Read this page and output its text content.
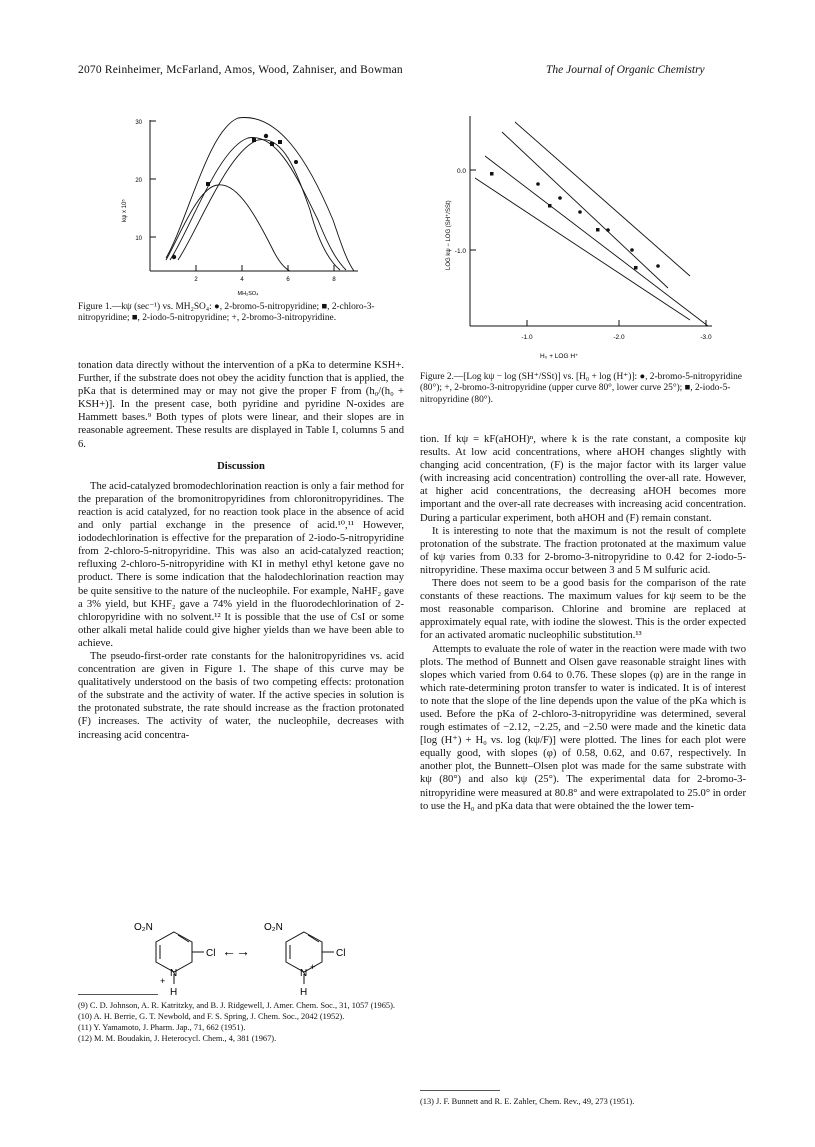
2070 Reinheimer, McFarland, Amos, Wood, Zahniser, and Bowman	The Journal of Organic Chemistry
30
20
10
2	4	6	8
kψ x 10⁵
MH₂SO₄
Figure 1.—kψ (sec⁻¹) vs. MH₂SO₄: ●, 2-bromo-5-nitropyridine; ■, 2-chloro-3-nitropyridine; ■, 2-iodo-5-nitropyridine; +, 2-bromo-3-nitropyridine.
0.0
-1.0
-1.0	-2.0	-3.0
LOG kψ − LOG (SH⁺/SSt)
H₀ + LOG H⁺
Figure 2.—[Log kψ − log (SH⁺/SSt)] vs. [H₀ + log (H⁺)]: ●, 2-bromo-5-nitropyridine (80°); +, 2-bromo-3-nitropyridine (upper curve 80°, lower curve 25°); ■, 2-iodo-5-nitropyridine (80°).

tonation data directly without the intervention of a pKa to determine KSH+. Further, if the substrate does not obey the acidity function that is applied, the pKa that is determined may or may not give the proper F from (h₀/(h₀ + KSH+)]. In the present case, both pyridine and pyridine N-oxides are Hammett bases.⁹ Both types of plots were linear, and their slopes are in reasonable agreement. These results are displayed in Table I, columns 5 and 6.

Discussion

The acid-catalyzed bromodechlorination reaction is only a fair method for the preparation of the bromonitropyridines from chloronitropyridines. The reaction is acid catalyzed, for no reaction took place in the absence of acid and only partial exchange in the presence of acid.¹⁰,¹¹ However, iododechlorination is effective for the preparation of 2-iodo-5-nitropyridine from 2-chloro-5-nitropyridine. This was also an acid-catalyzed reaction; refluxing 2-chloro-5-nitropyridine with KI in methyl ethyl ketone gave no product. There is some indication that the halodechlorination reaction may be quite sensitive to the nature of the nucleophile. For example, NaHF₂ gave a 3% yield, but KHF₂ gave a 74% yield in the fluorodechlorination of 2-chloropyridine with no solvent.¹² It is possible that the use of CsI or some other alkali metal halide could give higher yields than we have been able to achieve.

The pseudo-first-order rate constants for the halonitropyridines vs. acid concentration are given in Figure 1. The shape of this curve may be qualitatively understood on the basis of two competing effects: protonation of the substrate and the activity of water. If the active species in solution is the protonated substrate, the rate should increase as the fraction protonated (F) increases. The activity of water, the nucleophile, decreases with increasing acid concentra-

O₂N
Cl
N
+
H
←→
O₂N
Cl
N
+
H
(9) C. D. Johnson, A. R. Katritzky, and B. J. Ridgewell, J. Amer. Chem. Soc., 31, 1057 (1965).
(10) A. H. Berrie, G. T. Newbold, and F. S. Spring, J. Chem. Soc., 2042 (1952).
(11) Y. Yamamoto, J. Pharm. Jap., 71, 662 (1951).
(12) M. M. Boudakin, J. Heterocycl. Chem., 4, 381 (1967).

tion. If kψ = kF(aHOH)ⁿ, where k is the rate constant, a composite kψ results. At low acid concentrations, where aHOH changes slightly with changing acid concentration, (F) is the major factor with its larger value (with increasing acid concentration) controlling the over-all rate. However, at higher acid concentrations, the decreasing aHOH becomes more important and the over-all rate decreases with increasing acid concentration. During a particular experiment, both aHOH and (F) remain constant.

It is interesting to note that the maximum is not the result of complete protonation of the substrate. The fraction protonated at the maximum value of kψ varies from 0.33 for 2-bromo-3-nitropyridine to 0.42 for 2-iodo-5-nitropyridine. These maxima occur between 3 and 5 M sulfuric acid.

There does not seem to be a good basis for the comparison of the rate constants of these reactions. The maximum values for kψ seem to be the most reasonable comparison. Chlorine and bromine are replaced at approximately equal rate, with iodine the slowest. This is the order expected for an activated aromatic nucleophilic substitution.¹³

Attempts to evaluate the role of water in the reaction were made with two plots. The method of Bunnett and Olsen gave reasonable straight lines with slopes which varied from 0.64 to 0.76. These slopes (φ) are in the range in which rate-determining proton transfer to water is indicated. It is of interest to note that the slope of the line depends upon the value of the pKa which is used. Before the pKa of 2-chloro-3-nitropyridine was determined, several rough estimates of −2.12, −2.25, and −2.50 were made and the kinetic data [log (H⁺) + H₀ vs. log (kψ/F)] were plotted. The lines for each plot were equally good, with slopes (φ) of 0.58, 0.62, and 0.67, respectively. In another plot, the Bunnett–Olsen plot was made for the same substrate with kψ (80°) and also kψ (25°). The experimental data for 2-bromo-3-nitropyridine were measured at 80.8° and were extrapolated to 25.0° in order to use the H₀ and pKa data that were obtained the the lower tem-

(13) J. F. Bunnett and R. E. Zahler, Chem. Rev., 49, 273 (1951).
